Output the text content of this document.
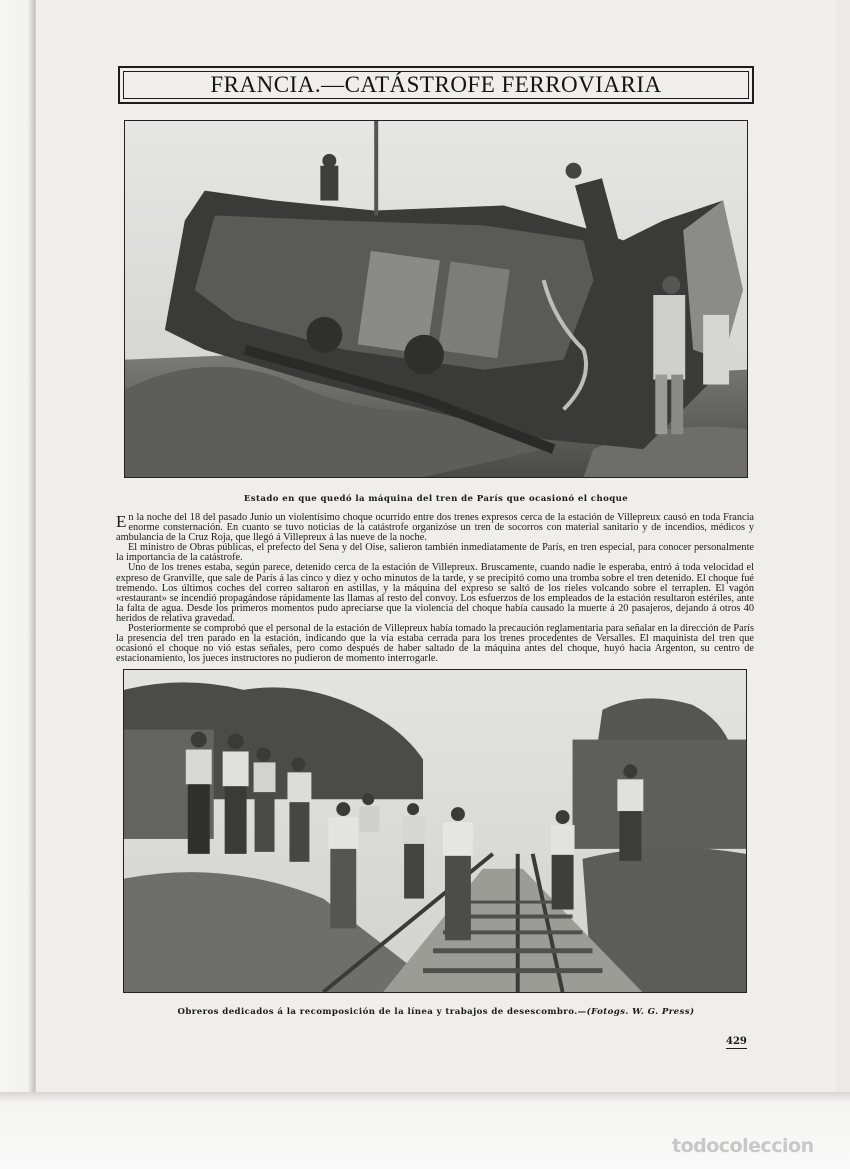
FRANCIA.—CATÁSTROFE FERROVIARIA
Estado en que quedó la máquina del tren de París que ocasionó el choque

En la noche del 18 del pasado Junio un violentísimo choque ocurrido entre dos trenes expresos cerca de la estación de Villepreux causó en toda Francia enorme consternación. En cuanto se tuvo noticias de la catástrofe organizóse un tren de socorros con material sanitario y de incendios, médicos y ambulancia de la Cruz Roja, que llegó á Villepreux á las nueve de la noche.

El ministro de Obras públicas, el prefecto del Sena y del Oise, salieron también inmediatamente de París, en tren especial, para conocer personalmente la importancia de la catástrofe.

Uno de los trenes estaba, según parece, detenido cerca de la estación de Villepreux. Bruscamente, cuando nadie le esperaba, entró á toda velocidad el expreso de Granville, que sale de París á las cinco y diez y ocho minutos de la tarde, y se precipitó como una tromba sobre el tren detenido. El choque fué tremendo. Los últimos coches del correo saltaron en astillas, y la máquina del expreso se saltó de los rieles volcando sobre el terraplen. El vagón «restaurant» se incendió propagándose rápidamente las llamas al resto del convoy. Los esfuerzos de los empleados de la estación resultaron estériles, ante la falta de agua. Desde los primeros momentos pudo apreciarse que la violencia del choque había causado la muerte á 20 pasajeros, dejando á otros 40 heridos de relativa gravedad.

Posteriormente se comprobó que el personal de la estación de Villepreux había tomado la precaución reglamentaria para señalar en la dirección de París la presencia del tren parado en la estación, indicando que la vía estaba cerrada para los trenes procedentes de Versalles. El maquinista del tren que ocasionó el choque no vió estas señales, pero como después de haber saltado de la máquina antes del choque, huyó hacia Argenton, su centro de estacionamiento, los jueces instructores no pudieron de momento interrogarle.

Obreros dedicados á la recomposición de la línea y trabajos de desescombro.—(Fotogs. W. G. Press)
429
todocoleccion
